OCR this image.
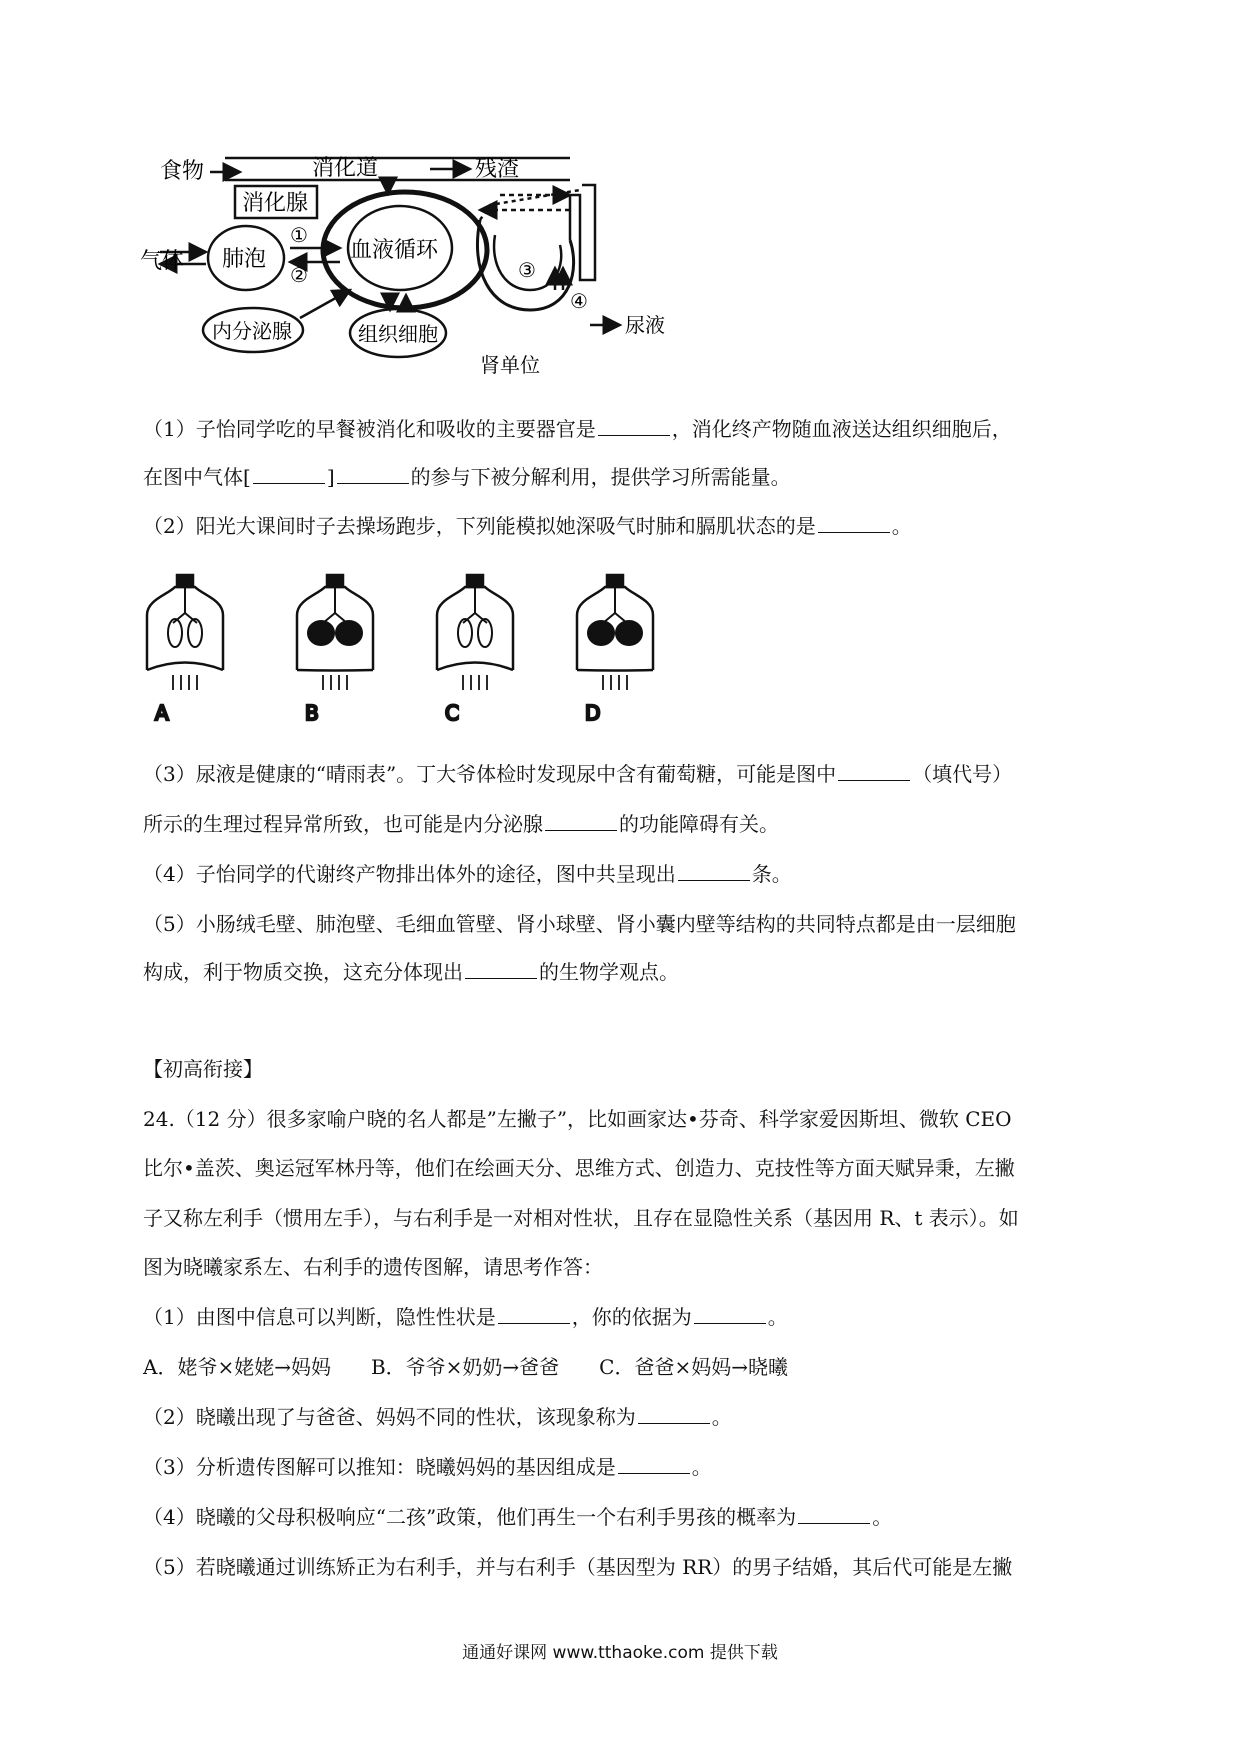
食物	消化道	残渣
消化腺
气体 肺泡	血液循环
内分泌腺	组织细胞
肾单位
尿液
①
②	③
④
（1）子怡同学吃的早餐被消化和吸收的主要器官是	，消化终产物随血液送达组织细胞后，
在图中气体[	]	的参与下被分解利用，提供学习所需能量。
（2）阳光大课间时子去操场跑步，下列能模拟她深吸气时肺和膈肌状态的是	。
A	B	C	D
（3）尿液是健康的“晴雨表”。丁大爷体检时发现尿中含有葡萄糖，可能是图中	（填代号）
所示的生理过程异常所致，也可能是内分泌腺	的功能障碍有关。
（4）子怡同学的代谢终产物排出体外的途径，图中共呈现出	条。
（5）小肠绒毛壁、肺泡壁、毛细血管壁、肾小球壁、肾小囊内壁等结构的共同特点都是由一层细胞
构成，利于物质交换，这充分体现出	的生物学观点。
【初高衔接】
24.（12 分）很多家喻户晓的名人都是”左撇子”，比如画家达•芬奇、科学家爱因斯坦、微软 CEO
比尔•盖茨、奥运冠军林丹等，他们在绘画天分、思维方式、创造力、克技性等方面天赋异秉，左撇
子又称左利手（惯用左手），与右利手是一对相对性状，且存在显隐性关系（基因用 R、t 表示）。如
图为晓曦家系左、右利手的遗传图解，请思考作答：
（1）由图中信息可以判断，隐性性状是	，你的依据为	。
A．姥爷×姥姥→妈妈　　B．爷爷×奶奶→爸爸　　C．爸爸×妈妈→晓曦
（2）晓曦出现了与爸爸、妈妈不同的性状，该现象称为	。
（3）分析遗传图解可以推知：晓曦妈妈的基因组成是	。
（4）晓曦的父母积极响应“二孩”政策，他们再生一个右利手男孩的概率为	。
（5）若晓曦通过训练矫正为右利手，并与右利手（基因型为 RR）的男子结婚，其后代可能是左撇
通通好课网 www.tthaoke.com 提供下载
